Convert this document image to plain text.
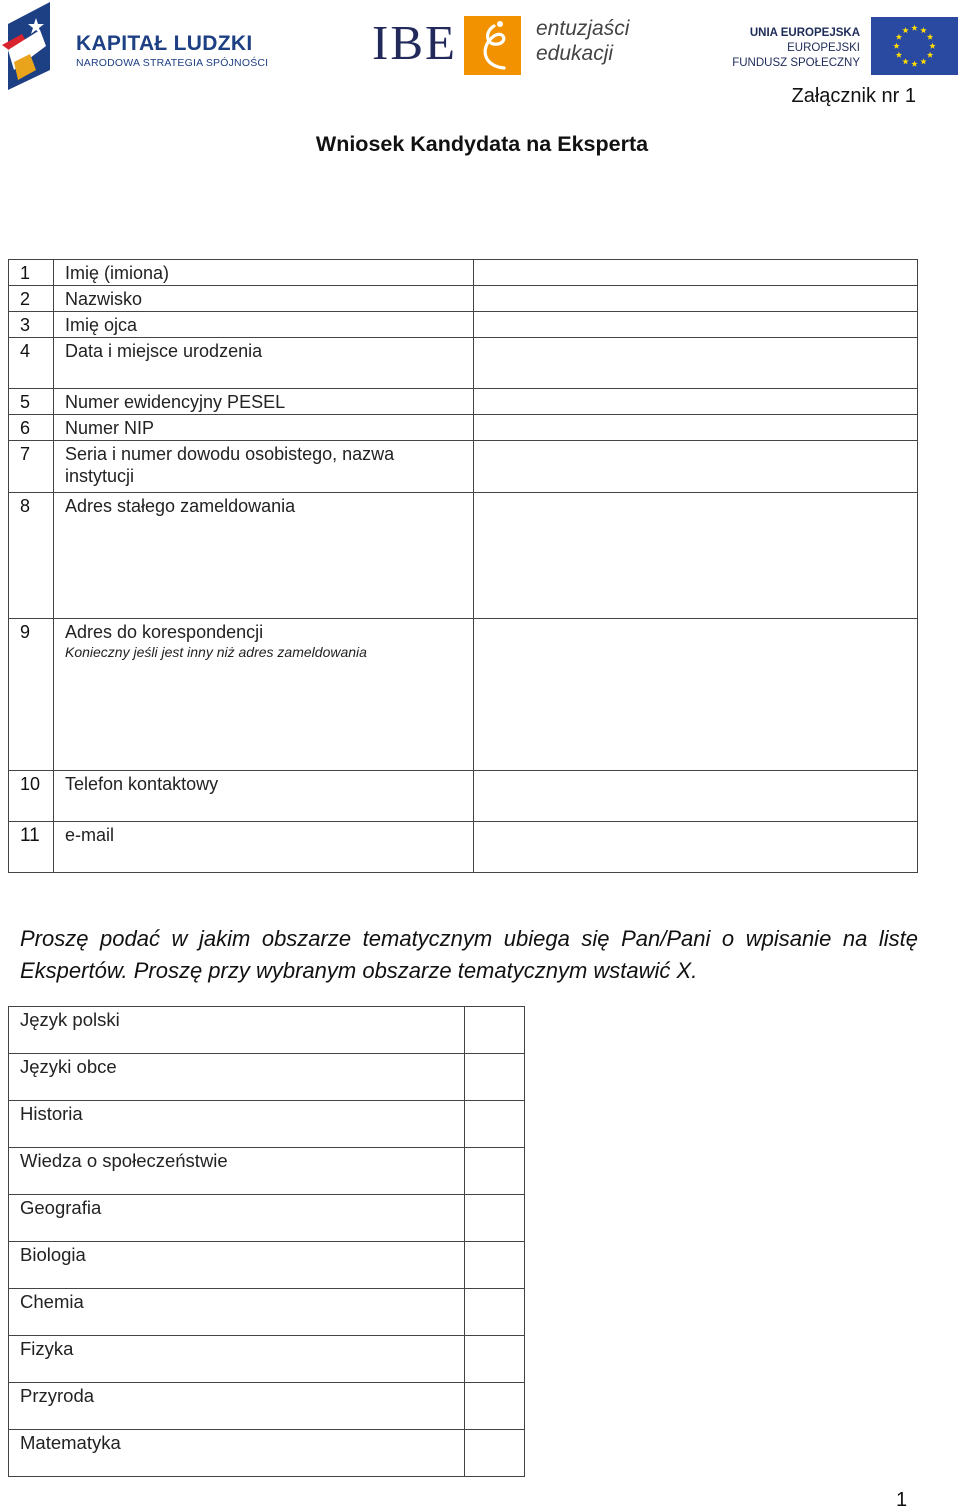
KAPITAŁ LUDZKI
NARODOWA STRATEGIA SPÓJNOŚCI IBE	entuzjaści
edukacji
UNIA EUROPEJSKA
EUROPEJSKI
FUNDUSZ SPOŁECZNY
Załącznik nr 1
Wniosek Kandydata na Eksperta
1	Imię (imiona)
2	Nazwisko
3	Imię ojca
4	Data i miejsce urodzenia
5	Numer ewidencyjny PESEL
6	Numer NIP
7	Seria i numer dowodu osobistego, nazwa instytucji
8	Adres stałego zameldowania
9	Adres do korespondencji
Konieczny jeśli jest inny niż adres zameldowania
10	Telefon kontaktowy
11	e-mail
Proszę podać w jakim obszarze tematycznym ubiega się Pan/Pani o wpisanie na listę Ekspertów. Proszę przy wybranym obszarze tematycznym wstawić X.
Język polski
Języki obce
Historia
Wiedza o społeczeństwie
Geografia
Biologia
Chemia
Fizyka
Przyroda
Matematyka
1
